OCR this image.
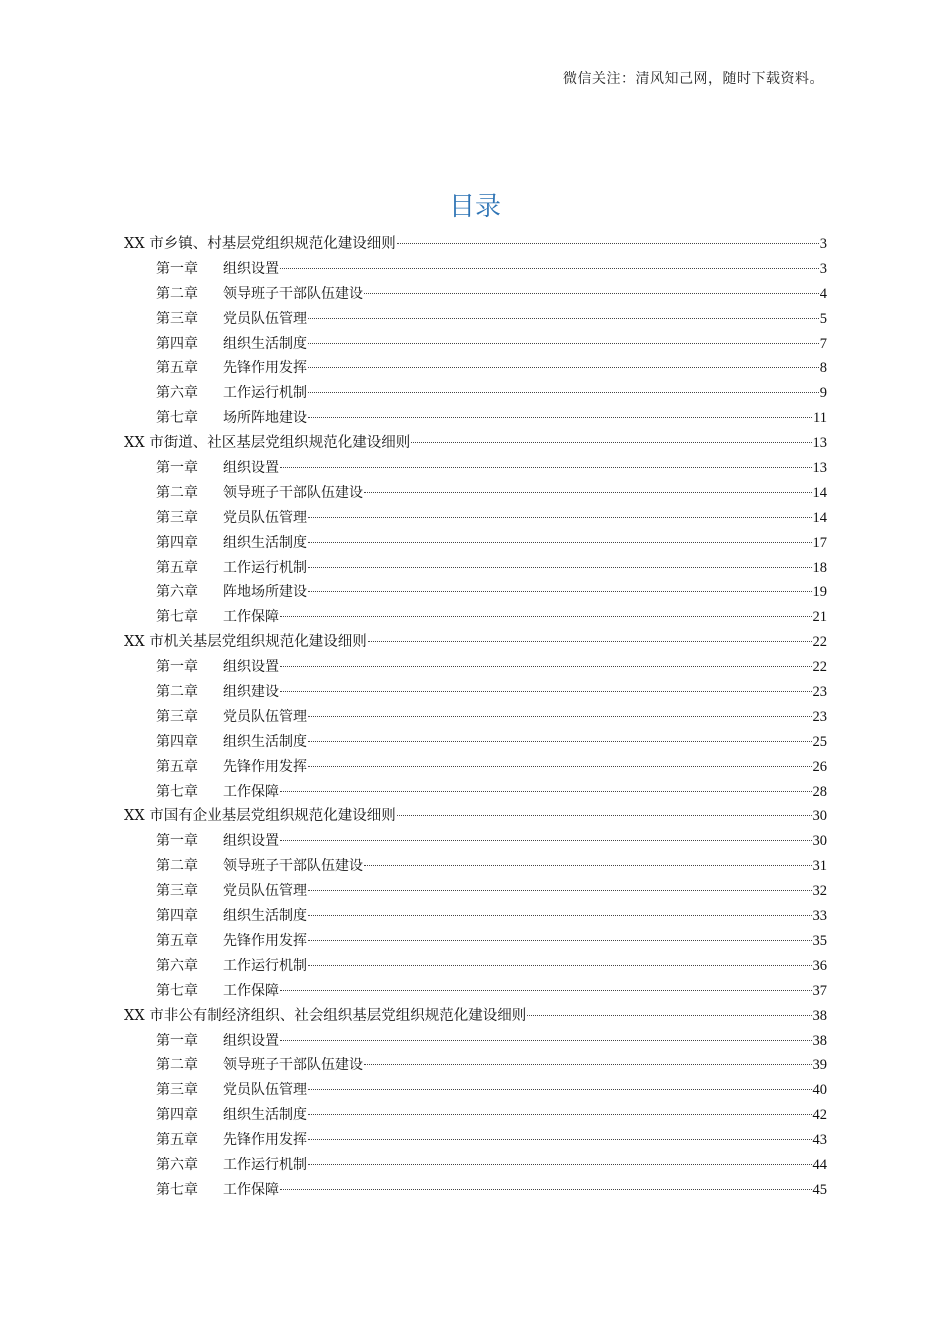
微信关注：清风知己网，随时下载资料。
目录
XX 市乡镇、村基层党组织规范化建设细则	3
第一章	组织设置	3
第二章	领导班子干部队伍建设	4
第三章	党员队伍管理	5
第四章	组织生活制度	7
第五章	先锋作用发挥	8
第六章	工作运行机制	9
第七章	场所阵地建设	11
XX 市街道、社区基层党组织规范化建设细则	13
第一章	组织设置	13
第二章	领导班子干部队伍建设	14
第三章	党员队伍管理	14
第四章	组织生活制度	17
第五章	工作运行机制	18
第六章	阵地场所建设	19
第七章	工作保障	21
XX 市机关基层党组织规范化建设细则	22
第一章	组织设置	22
第二章	组织建设	23
第三章	党员队伍管理	23
第四章	组织生活制度	25
第五章	先锋作用发挥	26
第七章	工作保障	28
XX 市国有企业基层党组织规范化建设细则	30
第一章	组织设置	30
第二章	领导班子干部队伍建设	31
第三章	党员队伍管理	32
第四章	组织生活制度	33
第五章	先锋作用发挥	35
第六章	工作运行机制	36
第七章	工作保障	37
XX 市非公有制经济组织、社会组织基层党组织规范化建设细则	38
第一章	组织设置	38
第二章	领导班子干部队伍建设	39
第三章	党员队伍管理	40
第四章	组织生活制度	42
第五章	先锋作用发挥	43
第六章	工作运行机制	44
第七章	工作保障	45
